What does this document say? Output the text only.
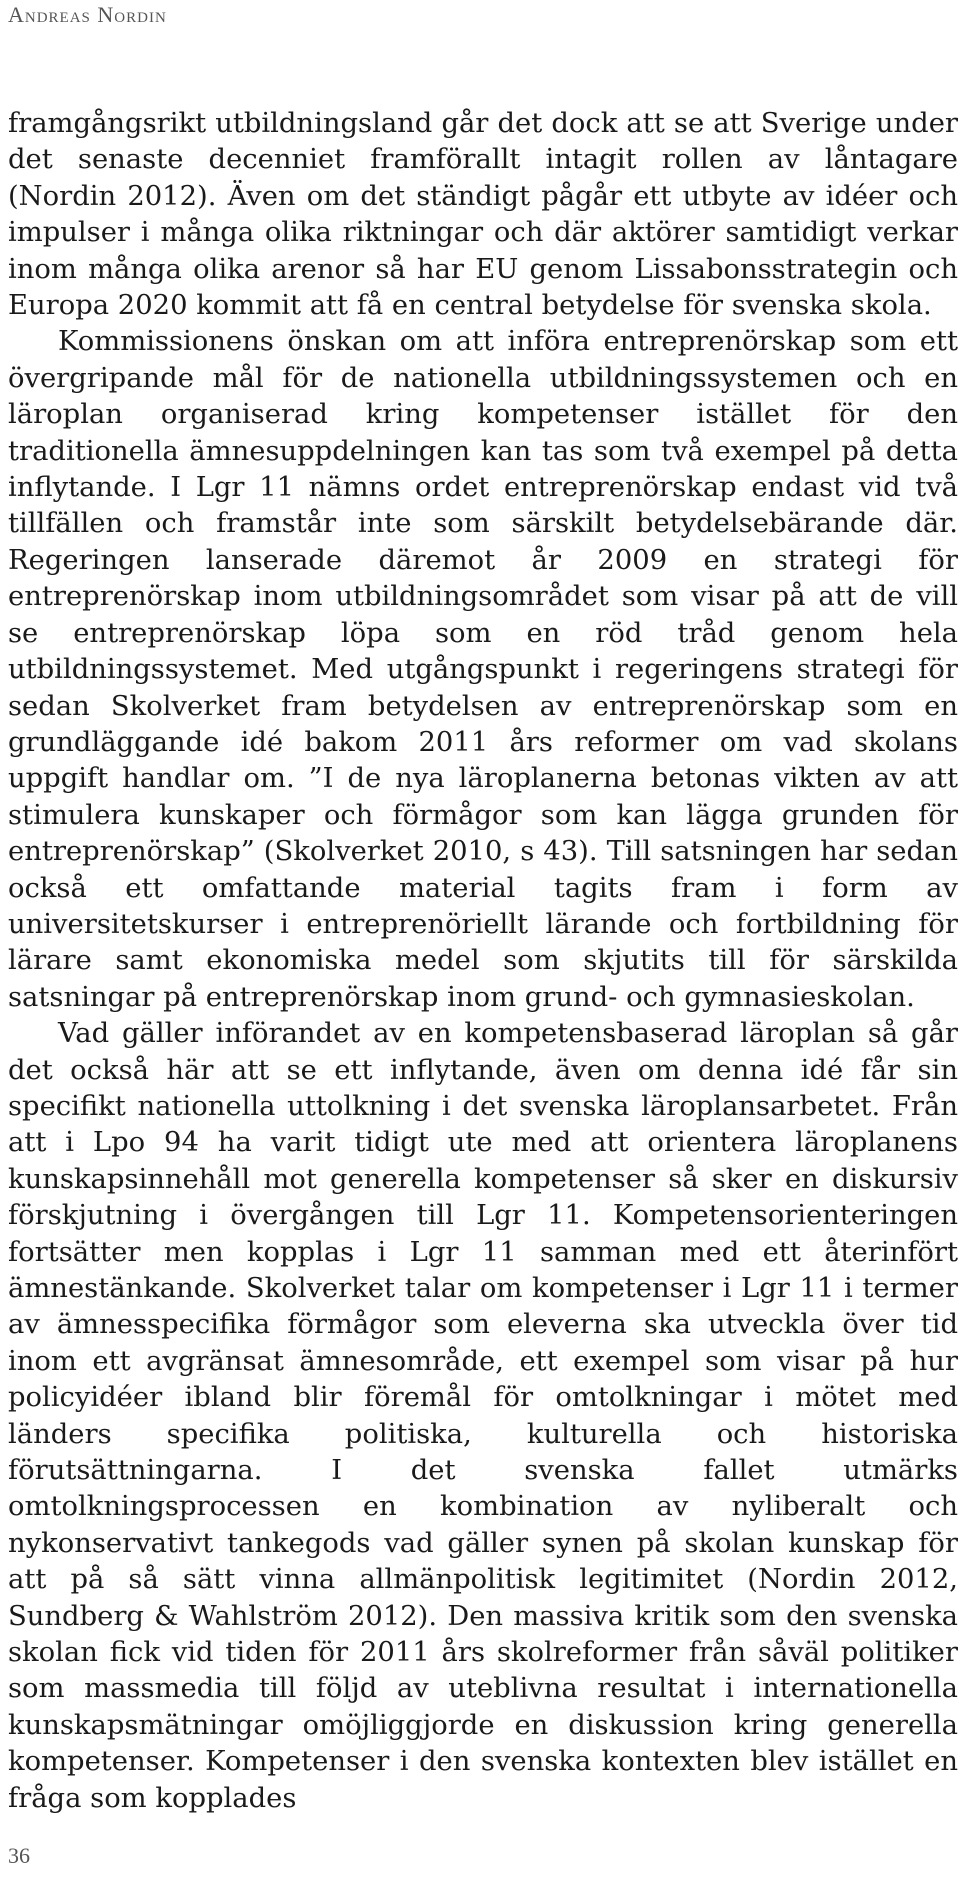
Andreas Nordin

framgångsrikt utbildningsland går det dock att se att Sverige under det senaste decenniet framförallt intagit rollen av låntagare (Nordin 2012). Även om det ständigt pågår ett utbyte av idéer och impulser i många olika riktningar och där aktörer samtidigt verkar inom många olika arenor så har EU genom Lissabonsstrategin och Europa 2020 kommit att få en central betydelse för svenska skola.

Kommissionens önskan om att införa entreprenörskap som ett övergripande mål för de nationella utbildningssystemen och en läroplan organiserad kring kompetenser istället för den traditionella ämnesuppdelningen kan tas som två exempel på detta inflytande. I Lgr 11 nämns ordet entreprenörskap endast vid två tillfällen och framstår inte som särskilt betydelsebärande där. Regeringen lanserade däremot år 2009 en strategi för entreprenörskap inom utbildningsområdet som visar på att de vill se entreprenörskap löpa som en röd tråd genom hela utbildningssystemet. Med utgångspunkt i regeringens strategi för sedan Skolverket fram betydelsen av entreprenörskap som en grundläggande idé bakom 2011 års reformer om vad skolans uppgift handlar om. ”I de nya läroplanerna betonas vikten av att stimulera kunskaper och förmågor som kan lägga grunden för entreprenörskap” (Skolverket 2010, s 43). Till satsningen har sedan också ett omfattande material tagits fram i form av universitetskurser i entreprenöriellt lärande och fortbildning för lärare samt ekonomiska medel som skjutits till för särskilda satsningar på entreprenörskap inom grund- och gymnasieskolan.

Vad gäller införandet av en kompetensbaserad läroplan så går det också här att se ett inflytande, även om denna idé får sin specifikt nationella uttolkning i det svenska läroplansarbetet. Från att i Lpo 94 ha varit tidigt ute med att orientera läroplanens kunskapsinnehåll mot generella kompetenser så sker en diskursiv förskjutning i övergången till Lgr 11. Kompetensorienteringen fortsätter men kopplas i Lgr 11 samman med ett återinfört ämnestänkande. Skolverket talar om kompetenser i Lgr 11 i termer av ämnesspecifika förmågor som eleverna ska utveckla över tid inom ett avgränsat ämnesområde, ett exempel som visar på hur policyidéer ibland blir föremål för omtolkningar i mötet med länders specifika politiska, kulturella och historiska förutsättningarna. I det svenska fallet utmärks omtolkningsprocessen en kombination av nyliberalt och nykonservativt tankegods vad gäller synen på skolan kunskap för att på så sätt vinna allmänpolitisk legitimitet (Nordin 2012, Sundberg & Wahlström 2012). Den massiva kritik som den svenska skolan fick vid tiden för 2011 års skolreformer från såväl politiker som massmedia till följd av uteblivna resultat i internationella kunskapsmätningar omöjliggjorde en diskussion kring generella kompetenser. Kompetenser i den svenska kontexten blev istället en fråga som kopplades

36
